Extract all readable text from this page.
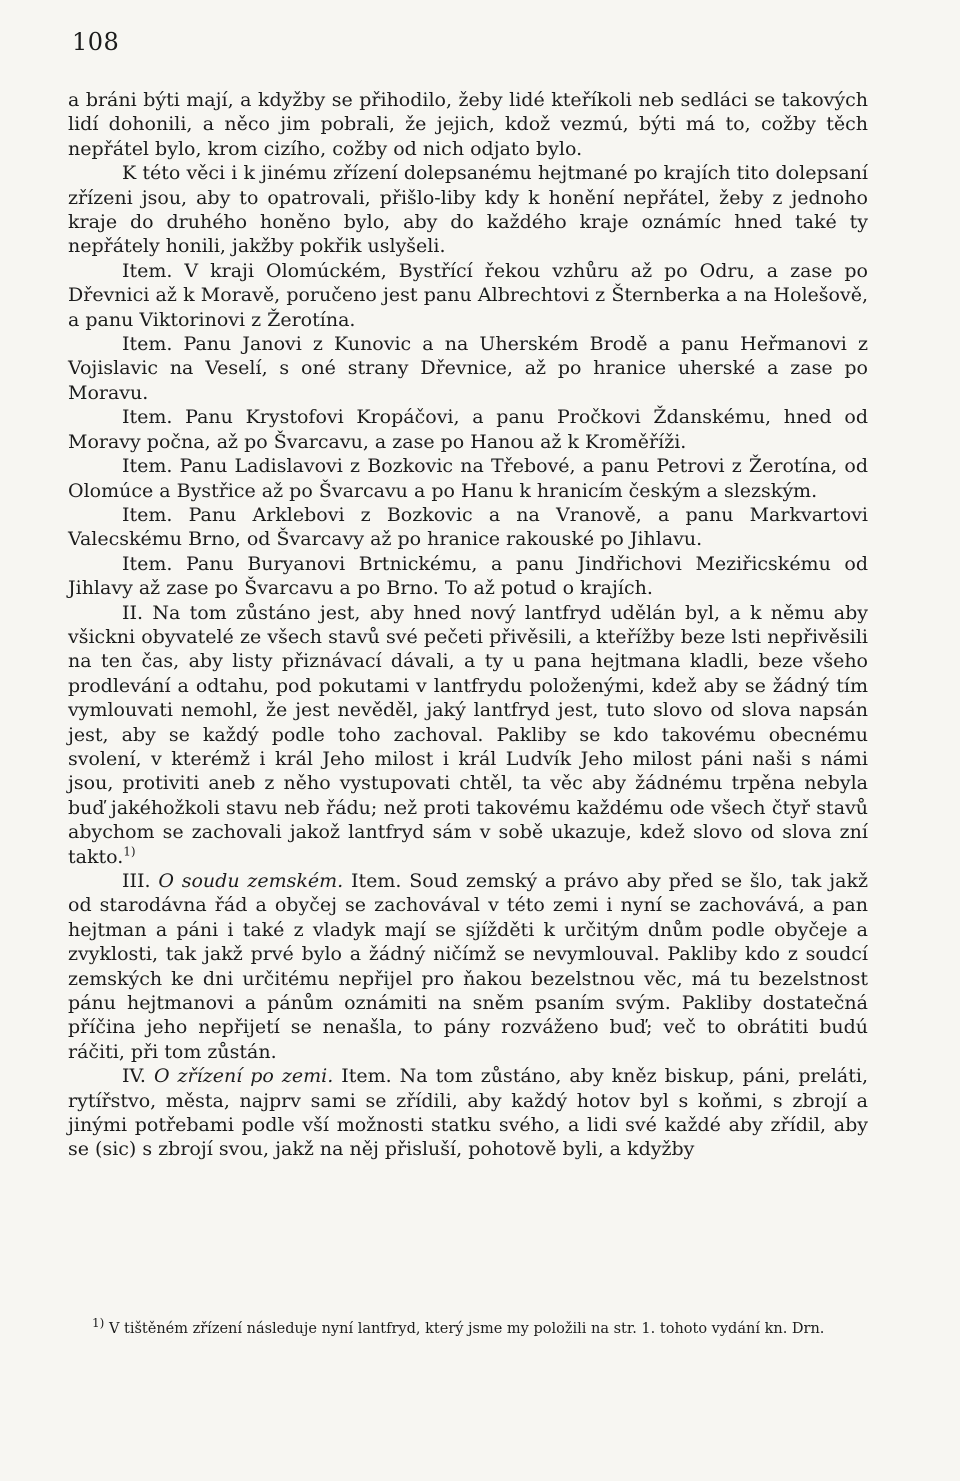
108

a bráni býti mají, a kdyžby se přihodilo, žeby lidé kteříkoli neb sedláci se takových lidí dohonili, a něco jim pobrali, že jejich, kdož vezmú, býti má to, cožby těch nepřátel bylo, krom cizího, cožby od nich odjato bylo.

K této věci i k jinému zřízení dolepsanému hejtmané po krajích tito dolepsaní zřízeni jsou, aby to opatrovali, přišlo-liby kdy k honění nepřátel, žeby z jednoho kraje do druhého honěno bylo, aby do každého kraje oznámíc hned také ty nepřátely honili, jakžby pokřik uslyšeli.

Item. V kraji Olomúckém, Bystřící řekou vzhůru až po Odru, a zase po Dřevnici až k Moravě, poručeno jest panu Albrechtovi z Šternberka a na Holešově, a panu Viktorinovi z Žerotína.

Item. Panu Janovi z Kunovic a na Uherském Brodě a panu Heřmanovi z Vojislavic na Veselí, s oné strany Dřevnice, až po hranice uherské a zase po Moravu.

Item. Panu Krystofovi Kropáčovi, a panu Pročkovi Ždanskému, hned od Moravy počna, až po Švarcavu, a zase po Hanou až k Kroměříži.

Item. Panu Ladislavovi z Bozkovic na Třebové, a panu Petrovi z Žerotína, od Olomúce a Bystřice až po Švarcavu a po Hanu k hranicím českým a slezským.

Item. Panu Arklebovi z Bozkovic a na Vranově, a panu Markvartovi Valecskému Brno, od Švarcavy až po hranice rakouské po Jihlavu.

Item. Panu Buryanovi Brtnickému, a panu Jindřichovi Meziřicskému od Jihlavy až zase po Švarcavu a po Brno. To až potud o krajích.

II. Na tom zůstáno jest, aby hned nový lantfryd udělán byl, a k němu aby všickni obyvatelé ze všech stavů své pečeti přivěsili, a kteřížby beze lsti nepřivěsili na ten čas, aby listy přiznávací dávali, a ty u pana hejtmana kladli, beze všeho prodlevání a odtahu, pod pokutami v lantfrydu položenými, kdež aby se žádný tím vymlouvati nemohl, že jest nevěděl, jaký lantfryd jest, tuto slovo od slova napsán jest, aby se každý podle toho zachoval. Pakliby se kdo takovému obecnému svolení, v kterémž i král Jeho milost i král Ludvík Jeho milost páni naši s námi jsou, protiviti aneb z něho vystupovati chtěl, ta věc aby žádnému trpěna nebyla buď jakéhožkoli stavu neb řádu; než proti takovému každému ode všech čtyř stavů abychom se zachovali jakož lantfryd sám v sobě ukazuje, kdež slovo od slova zní takto.$^{1)}$

III. O soudu zemském. Item. Soud zemský a právo aby před se šlo, tak jakž od starodávna řád a obyčej se zachovával v této zemi i nyní se zachovává, a pan hejtman a páni i také z vladyk mají se sjížděti k určitým dnům podle obyčeje a zvyklosti, tak jakž prvé bylo a žádný ničímž se nevymlouval. Pakliby kdo z soudcí zemských ke dni určitému nepřijel pro ňakou bezelstnou věc, má tu bezelstnost pánu hejtmanovi a pánům oznámiti na sněm psaním svým. Pakliby dostatečná příčina jeho nepřijetí se nenašla, to pány rozváženo buď; več to obrátiti budú ráčiti, při tom zůstán.

IV. O zřízení po zemi. Item. Na tom zůstáno, aby kněz biskup, páni, preláti, rytířstvo, města, najprv sami se zřídili, aby každý hotov byl s koňmi, s zbrojí a jinými potřebami podle vší možnosti statku svého, a lidi své každé aby zřídil, aby se (sic) s zbrojí svou, jakž na něj přisluší, pohotově byli, a kdyžby

$^{1)}$ V tištěném zřízení následuje nyní lantfryd, který jsme my položili na str. 1. tohoto vydání kn. Drn.
